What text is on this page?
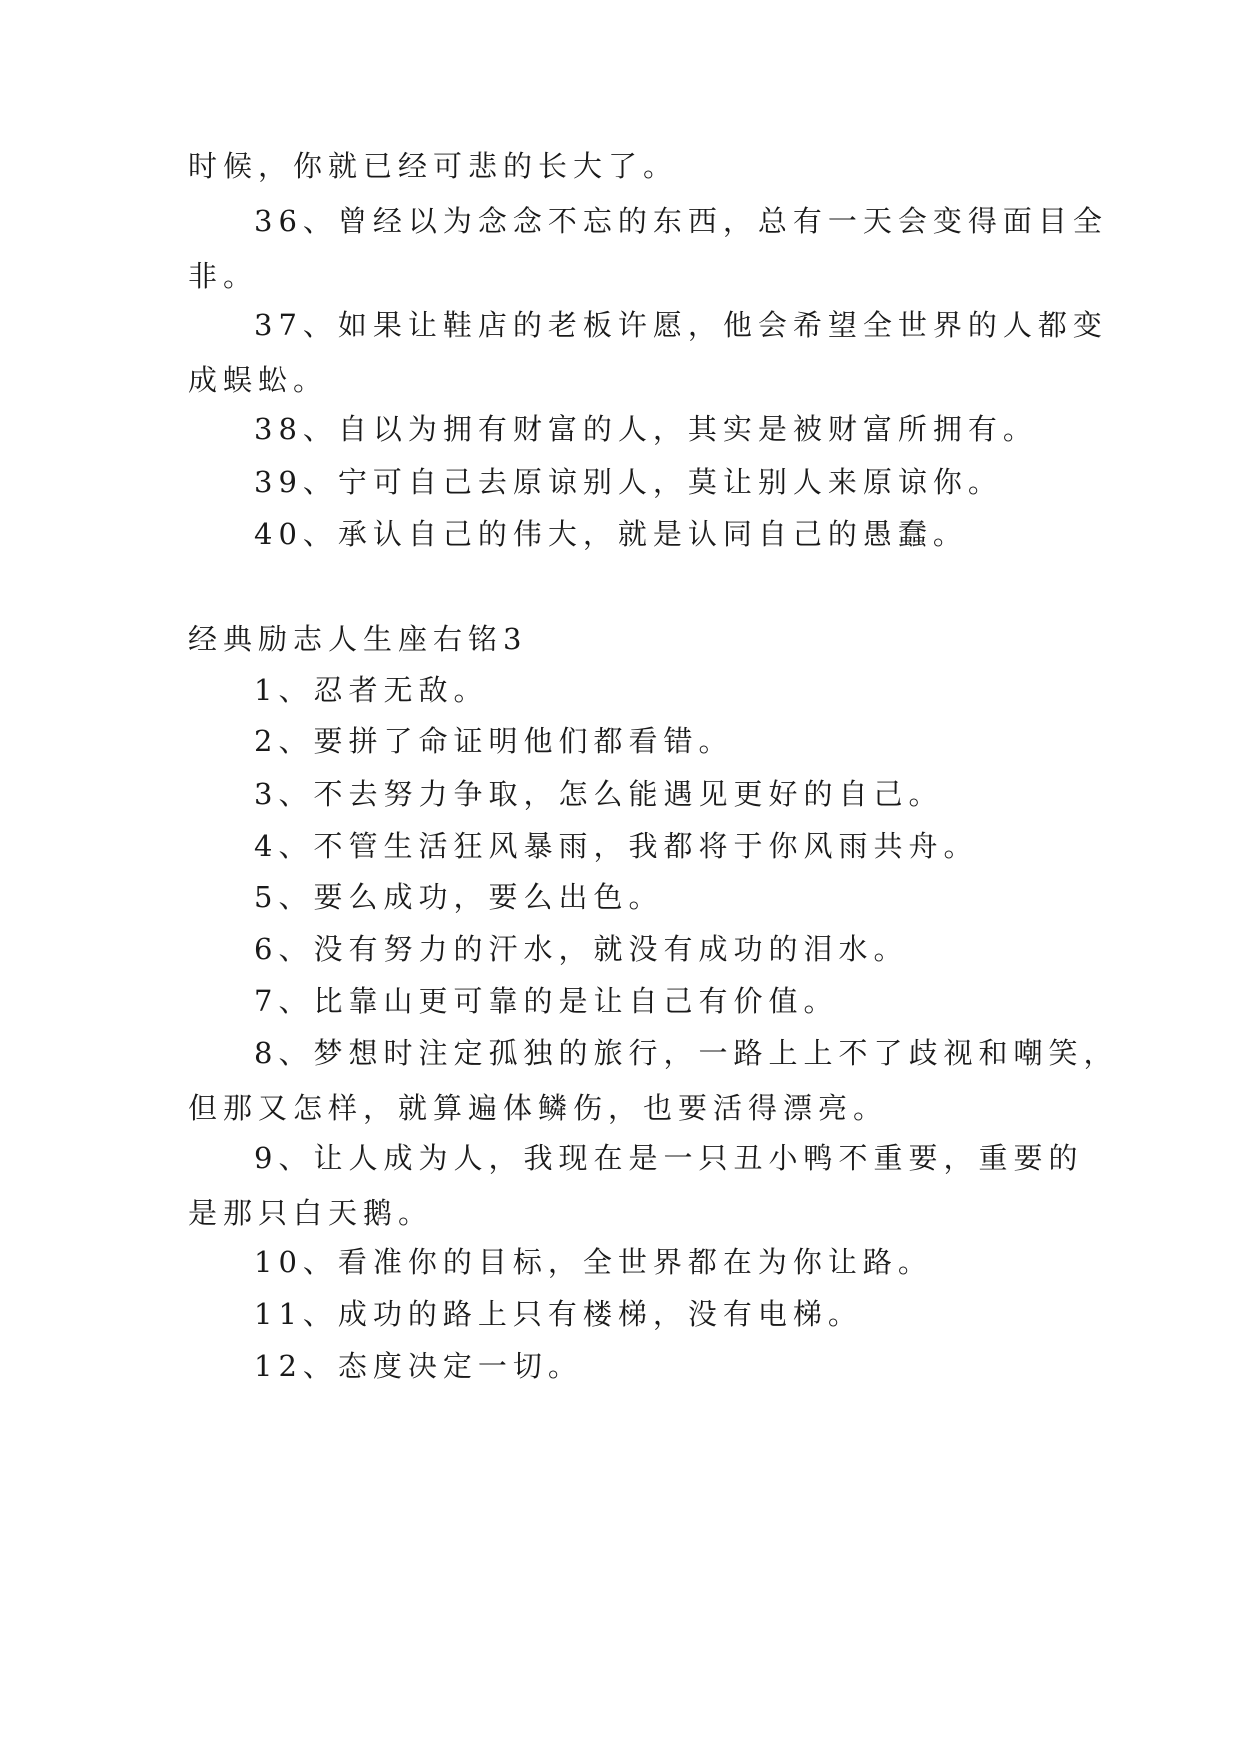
时候，你就已经可悲的长大了。
36、曾经以为念念不忘的东西，总有一天会变得面目全
非。
37、如果让鞋店的老板许愿，他会希望全世界的人都变
成蜈蚣。
38、自以为拥有财富的人，其实是被财富所拥有。
39、宁可自己去原谅别人，莫让别人来原谅你。
40、承认自己的伟大，就是认同自己的愚蠢。
经典励志人生座右铭3
1、忍者无敌。
2、要拼了命证明他们都看错。
3、不去努力争取，怎么能遇见更好的自己。
4、不管生活狂风暴雨，我都将于你风雨共舟。
5、要么成功，要么出色。
6、没有努力的汗水，就没有成功的泪水。
7、比靠山更可靠的是让自己有价值。
8、梦想时注定孤独的旅行，一路上上不了歧视和嘲笑，
但那又怎样，就算遍体鳞伤，也要活得漂亮。
9、让人成为人，我现在是一只丑小鸭不重要，重要的
是那只白天鹅。
10、看准你的目标，全世界都在为你让路。
11、成功的路上只有楼梯，没有电梯。
12、态度决定一切。
